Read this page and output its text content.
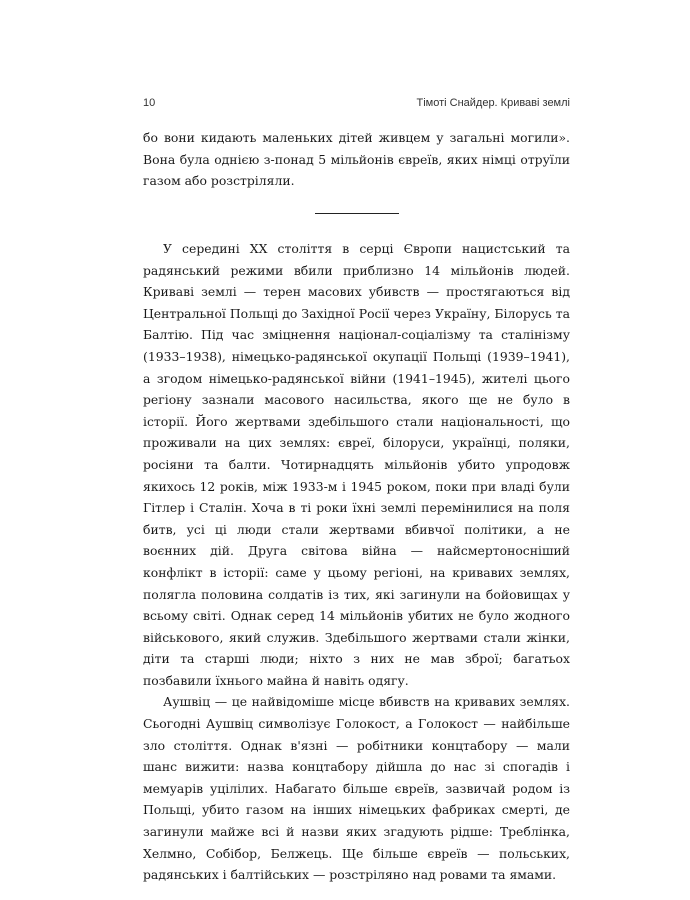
10	Тімоті Снайдер. Криваві землі

бо вони кидають маленьких дітей живцем у загальні могили». Вона була однією з-понад 5 мільйонів євреїв, яких німці отруїли газом або розстріляли.

У середині XX століття в серці Європи нацистський та радянський режими вбили приблизно 14 мільйонів людей. Криваві землі — терен масових убивств — простягаються від Центральної Польщі до Західної Росії через Україну, Білорусь та Балтію. Під час зміцнення націонал-соціалізму та сталінізму (1933–1938), німецько-радянської окупації Польщі (1939–1941), а згодом німецько-радянської війни (1941–1945), жителі цього регіону зазнали масового насильства, якого ще не було в історії. Його жертвами здебільшого стали національності, що проживали на цих землях: євреї, білоруси, українці, поляки, росіяни та балти. Чотирнадцять мільйонів убито упродовж якихось 12 років, між 1933-м і 1945 роком, поки при владі були Гітлер і Сталін. Хоча в ті роки їхні землі перемінилися на поля битв, усі ці люди стали жертвами вбивчої політики, а не воєнних дій. Друга світова війна — найсмертоносніший конфлікт в історії: саме у цьому регіоні, на кривавих землях, полягла половина солдатів із тих, які загинули на бойовищах у всьому світі. Однак серед 14 мільйонів убитих не було жодного військового, який служив. Здебільшого жертвами стали жінки, діти та старші люди; ніхто з них не мав зброї; багатьох позбавили їхнього майна й навіть одягу.

Аушвіц — це найвідоміше місце вбивств на кривавих землях. Сьогодні Аушвіц символізує Голокост, а Голокост — найбільше зло століття. Однак в'язні — робітники концтабору — мали шанс вижити: назва концтабору дійшла до нас зі спогадів і мемуарів уцілілих. Набагато більше євреїв, зазвичай родом із Польщі, убито газом на інших німецьких фабриках смерті, де загинули майже всі й назви яких згадують рідше: Треблінка, Хелмно, Собібор, Белжець. Ще більше євреїв — польських, радянських і балтійських — розстріляно над ровами та ямами.
